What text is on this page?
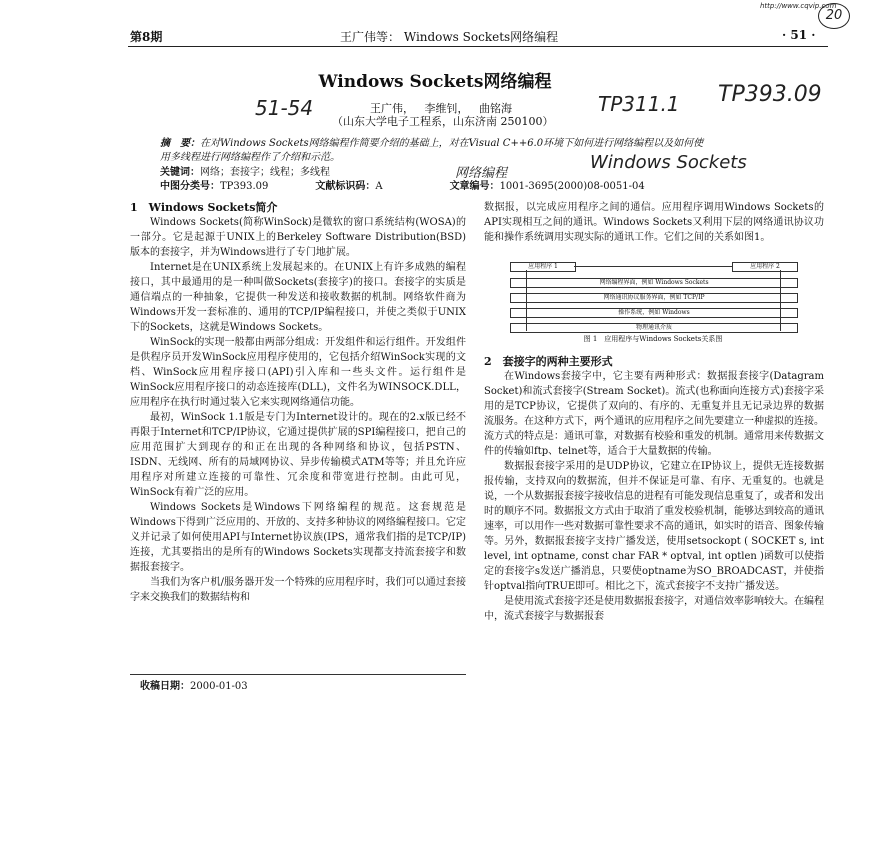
http://www.cqvip.com
20
第8期	王广伟等： Windows Sockets网络编程	· 51 ·
Windows Sockets网络编程
51-54	王广伟，   李维钊，   曲铭海	TP311.1 TP393.09
（山东大学电子工程系，山东济南 250100）
摘　要：在对Windows Sockets网络编程作简要介绍的基础上，对在Visual C++6.0环境下如何进行网络编程以及如何使用多线程进行网络编程作了介绍和示范。
关键词：网络；套接字；线程；多线程	网络编程
Windows Sockets
中图分类号：TP393.09	文献标识码：A	文章编号：1001-3695(2000)08-0051-04

1　Windows Sockets简介

Windows Sockets(简称WinSock)是微软的窗口系统结构(WOSA)的一部分。它是起源于UNIX上的Berkeley Software Distribution(BSD)版本的套接字，并为Windows进行了专门地扩展。

Internet是在UNIX系统上发展起来的。在UNIX上有许多成熟的编程接口，其中最通用的是一种叫做Sockets(套接字)的接口。套接字的实质是通信端点的一种抽象，它提供一种发送和接收数据的机制。网络软件商为Windows开发一套标准的、通用的TCP/IP编程接口，并使之类似于UNIX下的Sockets，这就是Windows Sockets。

WinSock的实现一般都由两部分组成：开发组件和运行组件。开发组件是供程序员开发WinSock应用程序使用的，它包括介绍WinSock实现的文档、WinSock应用程序接口(API)引入库和一些头文件。运行组件是WinSock应用程序接口的动态连接库(DLL)，文件名为WINSOCK.DLL，应用程序在执行时通过装入它来实现网络通信功能。

最初，WinSock 1.1版是专门为Internet设计的。现在的2.x版已经不再限于Internet和TCP/IP协议，它通过提供扩展的SPI编程接口，把自己的应用范围扩大到现存的和正在出现的各种网络和协议，包括PSTN、ISDN、无线网、所有的局域网协议、异步传输模式ATM等等；并且允许应用程序对所建立连接的可靠性、冗余度和带宽进行控制。由此可见，WinSock有着广泛的应用。

Windows Sockets是Windows下网络编程的规范。这套规范是Windows下得到广泛应用的、开放的、支持多种协议的网络编程接口。它定义并记录了如何使用API与Internet协议族(IPS，通常我们指的是TCP/IP)连接，尤其要指出的是所有的Windows Sockets实现都支持流套接字和数据报套接字。

当我们为客户机/服务器开发一个特殊的应用程序时，我们可以通过套接字来交换我们的数据结构和

收稿日期：2000-01-03

数据报，以完成应用程序之间的通信。应用程序调用Windows Sockets的API实现相互之间的通讯。Windows Sockets又利用下层的网络通讯协议功能和操作系统调用实现实际的通讯工作。它们之间的关系如图1。

应用程序 1	应用程序 2
网络编程界面，例如 Windows Sockets
网络通讯协议服务界面，例如 TCP/IP
操作系统，例如 Windows
物理通讯介质
图 1　应用程序与Windows Sockets关系图

2　套接字的两种主要形式

在Windows套接字中，它主要有两种形式：数据报套接字(Datagram Socket)和流式套接字(Stream Socket)。流式(也称面向连接方式)套接字采用的是TCP协议，它提供了双向的、有序的、无重复并且无记录边界的数据流服务。在这种方式下，两个通讯的应用程序之间先要建立一种虚拟的连接。流方式的特点是：通讯可靠，对数据有校验和重发的机制。通常用来传数据文件的传输如ftp、telnet等，适合于大量数据的传输。

数据报套接字采用的是UDP协议，它建立在IP协议上，提供无连接数据报传输，支持双向的数据流，但并不保证是可靠、有序、无重复的。也就是说，一个从数据报套接字接收信息的进程有可能发现信息重复了，或者和发出时的顺序不同。数据报文方式由于取消了重发校验机制，能够达到较高的通讯速率，可以用作一些对数据可靠性要求不高的通讯，如实时的语音、图象传输等。另外，数据报套接字支持广播发送，使用setsockopt ( SOCKET s, int level, int optname, const char FAR * optval, int optlen )函数可以使指定的套接字s发送广播消息，只要使optname为SO_BROADCAST，并使指针optval指向TRUE即可。相比之下，流式套接字不支持广播发送。

是使用流式套接字还是使用数据报套接字，对通信效率影响较大。在编程中，流式套接字与数据报套
